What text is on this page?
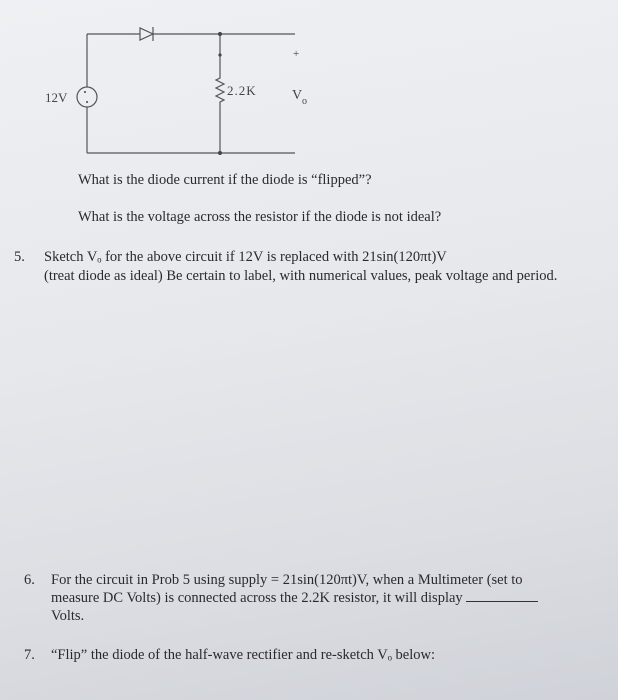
12V	2.2K
+
V o
What is the diode current if the diode is “flipped”?
What is the voltage across the resistor if the diode is not ideal?
5. Sketch Vₒ for the above circuit if 12V is replaced with 21sin(120πt)V
(treat diode as ideal) Be certain to label, with numerical values, peak voltage and period.
6. For the circuit in Prob 5 using supply = 21sin(120πt)V, when a Multimeter (set to
measure DC Volts) is connected across the 2.2K resistor, it will display
Volts.
7. “Flip” the diode of the half-wave rectifier and re-sketch Vₒ below:
